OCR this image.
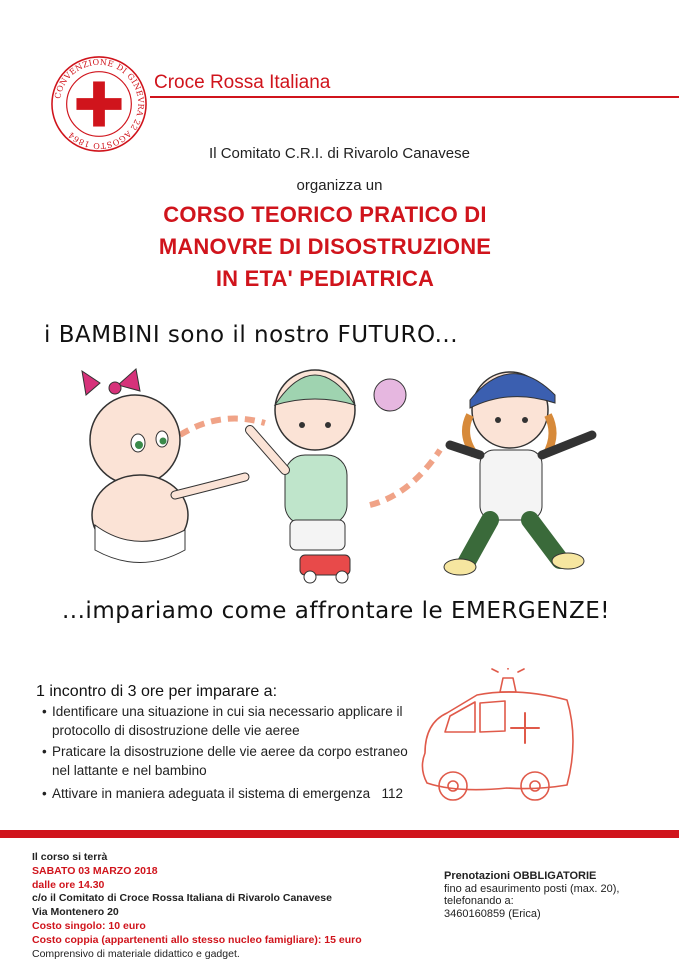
CONVENZIONE DI GINEVRA 22 AGOSTO 1864
Croce Rossa Italiana
Il Comitato C.R.I. di Rivarolo Canavese
organizza un
CORSO TEORICO PRATICO DI
MANOVRE DI DISOSTRUZIONE
IN ETA' PEDIATRICA
i BAMBINI sono il nostro FUTURO...
...impariamo come affrontare le EMERGENZE!
1 incontro di 3 ore per imparare a:
• Identificare una situazione in cui sia necessario applicare il protocollo di disostruzione delle vie aeree
• Praticare la disostruzione delle vie aeree da corpo estraneo nel lattante e nel bambino
• Attivare in maniera adeguata il sistema di emergenza 112
Il corso si terrà
SABATO 03 MARZO 2018
dalle ore 14.30
c/o il Comitato di Croce Rossa Italiana di Rivarolo Canavese
Via Montenero 20
Costo singolo: 10 euro
Costo coppia (appartenenti allo stesso nucleo famigliare): 15 euro
Comprensivo di materiale didattico e gadget.
Prenotazioni OBBLIGATORIE
fino ad esaurimento posti (max. 20),
telefonando a:
3460160859 (Erica)
